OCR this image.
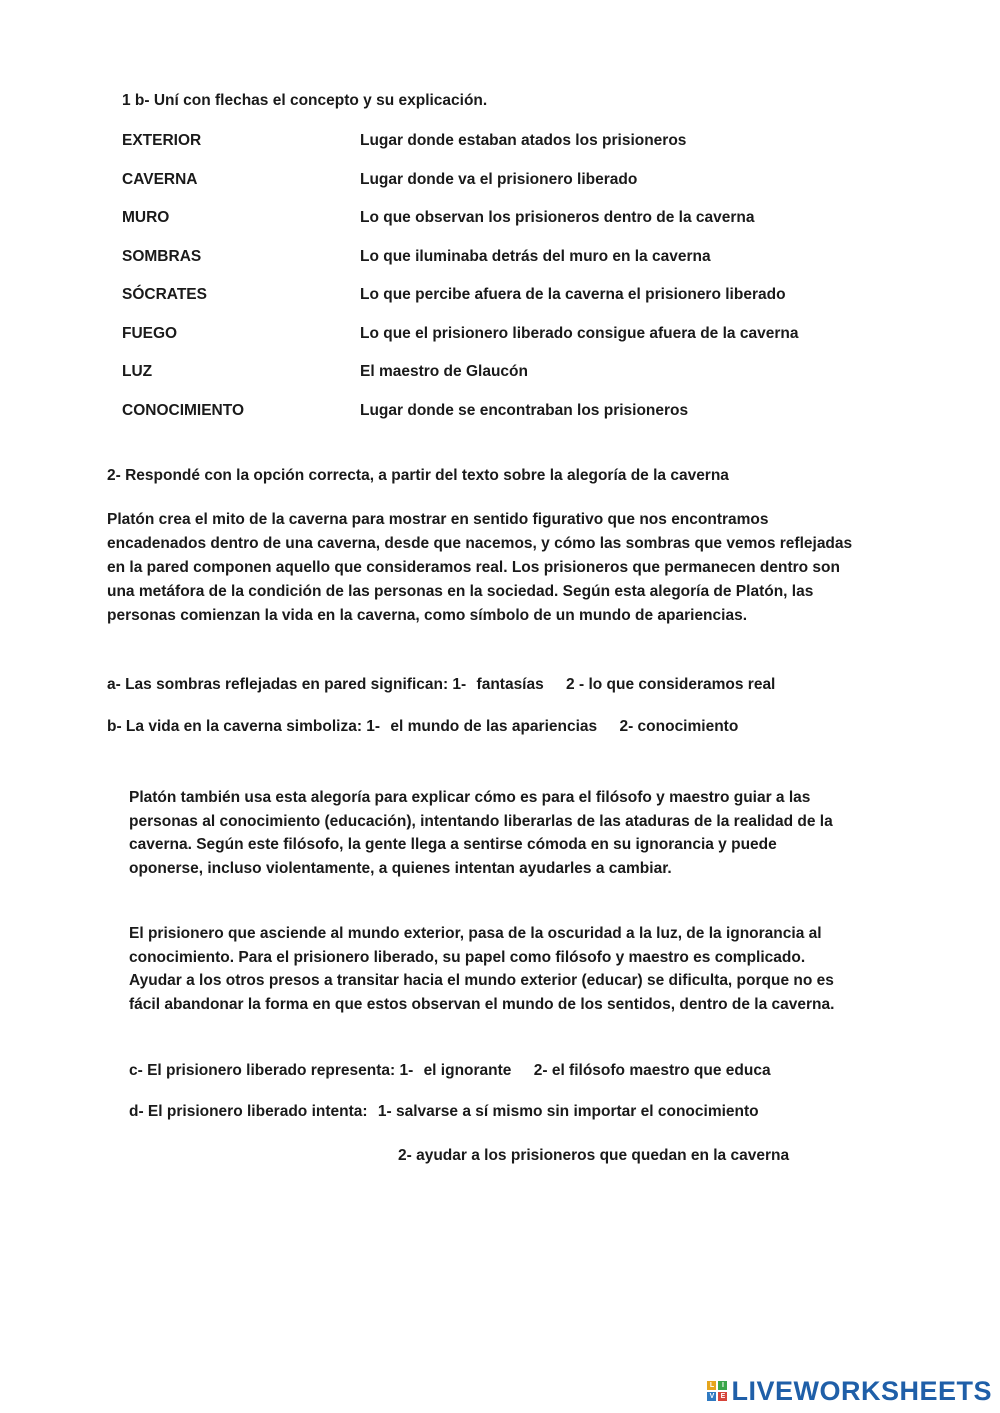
1 b- Uní con flechas el concepto y su explicación.
EXTERIOR	Lugar donde estaban atados los prisioneros
CAVERNA	Lugar donde va el prisionero liberado
MURO	Lo que observan los prisioneros dentro de la caverna
SOMBRAS	Lo que iluminaba detrás del muro en la caverna
SÓCRATES	Lo que percibe afuera de la caverna el prisionero liberado
FUEGO	Lo que el prisionero liberado consigue afuera de la caverna
LUZ	El maestro de Glaucón
CONOCIMIENTO	Lugar donde se encontraban los prisioneros
2- Respondé con la opción correcta, a partir del texto sobre la alegoría de la caverna

Platón crea el mito de la caverna para mostrar en sentido figurativo que nos encontramos encadenados dentro de una caverna, desde que nacemos, y cómo las sombras que vemos reflejadas en la pared componen aquello que consideramos real. Los prisioneros que permanecen dentro son una metáfora de la condición de las personas en la sociedad. Según esta alegoría de Platón, las personas comienzan la vida en la caverna, como símbolo de un mundo de apariencias.

a- Las sombras reflejadas en pared significan: 1- fantasías 2 - lo que consideramos real
b- La vida en la caverna simboliza: 1- el mundo de las apariencias 2- conocimiento

Platón también usa esta alegoría para explicar cómo es para el filósofo y maestro guiar a las personas al conocimiento (educación), intentando liberarlas de las ataduras de la realidad de la caverna. Según este filósofo, la gente llega a sentirse cómoda en su ignorancia y puede oponerse, incluso violentamente, a quienes intentan ayudarles a cambiar.

El prisionero que asciende al mundo exterior, pasa de la oscuridad a la luz, de la ignorancia al conocimiento. Para el prisionero liberado, su papel como filósofo y maestro es complicado. Ayudar a los otros presos a transitar hacia el mundo exterior (educar) se dificulta, porque no es fácil abandonar la forma en que estos observan el mundo de los sentidos, dentro de la caverna.

c- El prisionero liberado representa: 1- el ignorante 2- el filósofo maestro que educa
d- El prisionero liberado intenta: 1- salvarse a sí mismo sin importar el conocimiento
2- ayudar a los prisioneros que quedan en la caverna
L	I
V E LIVEWORKSHEETS
